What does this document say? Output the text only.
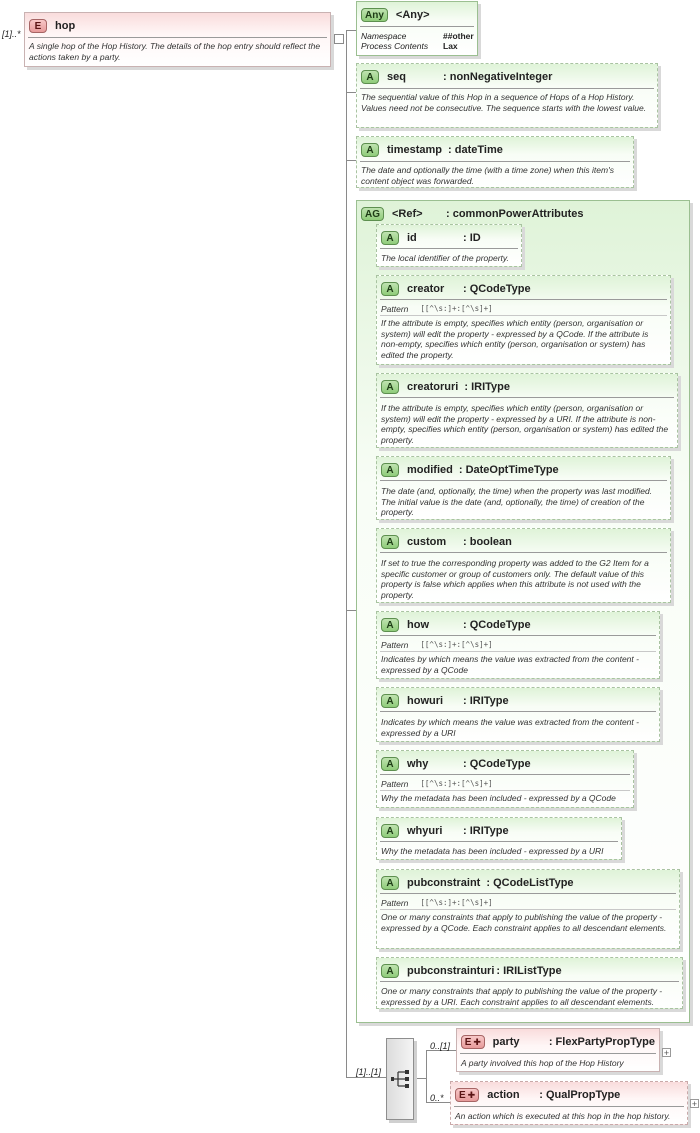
[1]..*
E	hop
A single hop of the Hop History. The details of the hop entry should reflect the actions taken by a party.
Any	<Any>
Namespace
Process Contents
##other
Lax
A	seq	: nonNegativeInteger
The sequential value of this Hop in a sequence of Hops of a Hop History. Values need not be consecutive. The sequence starts with the lowest value.
A	timestamp : dateTime
The date and optionally the time (with a time zone) when this item's content object was forwarded.
AG	<Ref>	: commonPowerAttributes
A	id	: ID
The local identifier of the property.
A	creator	: QCodeType
Pattern [[^\s:]+:[^\s]+]
If the attribute is empty, specifies which entity (person, organisation or system) will edit the property - expressed by a QCode. If the attribute is non-empty, specifies which entity (person, organisation or system) has edited the property.
A	creatoruri : IRIType
If the attribute is empty, specifies which entity (person, organisation or system) will edit the property - expressed by a URI. If the attribute is non-empty, specifies which entity (person, organisation or system) has edited the property.
A	modified : DateOptTimeType
The date (and, optionally, the time) when the property was last modified. The initial value is the date (and, optionally, the time) of creation of the property.
A	custom	: boolean
If set to true the corresponding property was added to the G2 Item for a specific customer or group of customers only. The default value of this property is false which applies when this attribute is not used with the property.
A	how	: QCodeType
Pattern [[^\s:]+:[^\s]+]
Indicates by which means the value was extracted from the content - expressed by a QCode
A	howuri	: IRIType
Indicates by which means the value was extracted from the content - expressed by a URI
A	why	: QCodeType
Pattern [[^\s:]+:[^\s]+]
Why the metadata has been included - expressed by a QCode
A	whyuri	: IRIType
Why the metadata has been included - expressed by a URI
A	pubconstraint : QCodeListType
Pattern [[^\s:]+:[^\s]+]
One or many constraints that apply to publishing the value of the property - expressed by a QCode. Each constraint applies to all descendant elements.
A	pubconstrainturi : IRIListType
One or many constraints that apply to publishing the value of the property - expressed by a URI. Each constraint applies to all descendant elements.
[1]..[1]
0..[1] E ✚ party	: FlexPartyPropType
A party involved this hop of the Hop History
+
0..* E ✚ action	: QualPropType
An action which is executed at this hop in the hop history.
+
